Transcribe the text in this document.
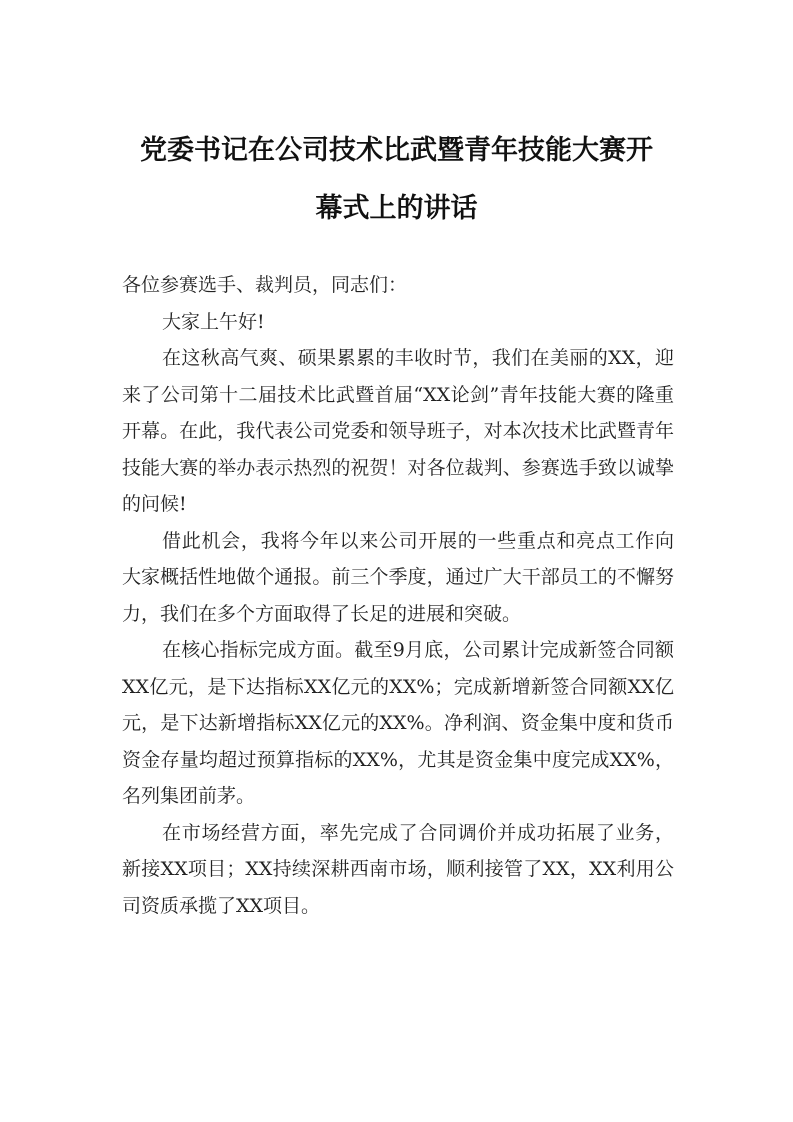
党委书记在公司技术比武暨青年技能大赛开
幕式上的讲话

各位参赛选手、裁判员，同志们：

大家上午好!

在这秋高气爽、硕果累累的丰收时节，我们在美丽的XX，迎来了公司第十二届技术比武暨首届“XX论剑”青年技能大赛的隆重开幕。在此，我代表公司党委和领导班子，对本次技术比武暨青年技能大赛的举办表示热烈的祝贺！对各位裁判、参赛选手致以诚挚的问候!

借此机会，我将今年以来公司开展的一些重点和亮点工作向大家概括性地做个通报。前三个季度，通过广大干部员工的不懈努力，我们在多个方面取得了长足的进展和突破。

在核心指标完成方面。截至9月底，公司累计完成新签合同额XX亿元，是下达指标XX亿元的XX%；完成新增新签合同额XX亿元，是下达新增指标XX亿元的XX%。净利润、资金集中度和货币资金存量均超过预算指标的XX%，尤其是资金集中度完成XX%，名列集团前茅。

在市场经营方面，率先完成了合同调价并成功拓展了业务，新接XX项目；XX持续深耕西南市场，顺利接管了XX，XX利用公司资质承揽了XX项目。
